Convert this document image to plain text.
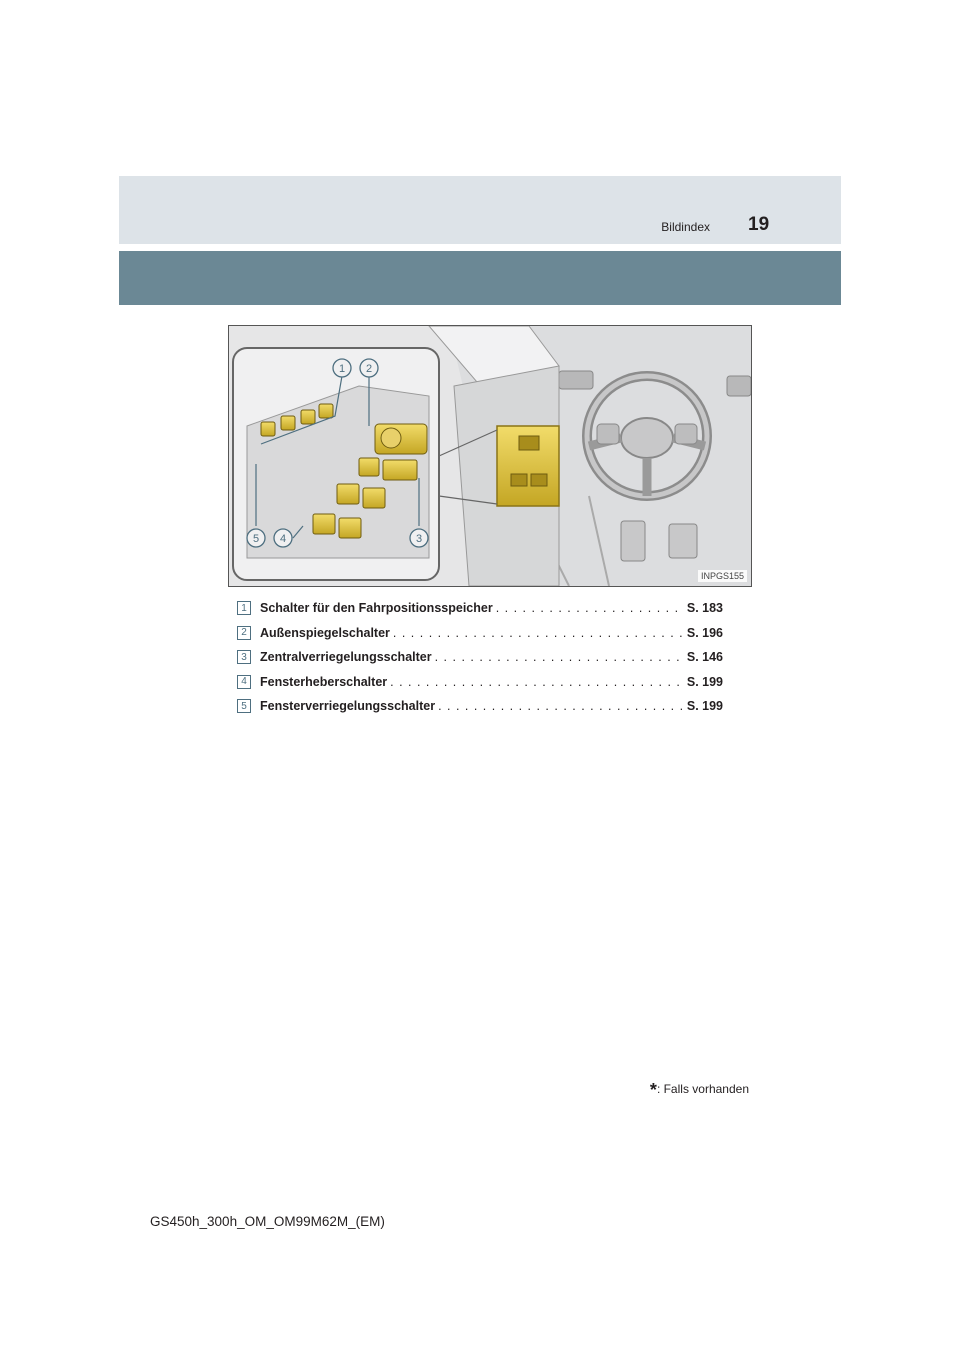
Bildindex 19
1 2
3
4
5
INPGS155
1	Schalter für den Fahrpositionsspeicher . . .	S. 183
2	Außenspiegelschalter . . .	S. 196
3	Zentralverriegelungsschalter . . .	S. 146
4	Fensterheberschalter . . .	S. 199
5	Fensterverriegelungsschalter . . .	S. 199
*: Falls vorhanden
GS450h_300h_OM_OM99M62M_(EM)
